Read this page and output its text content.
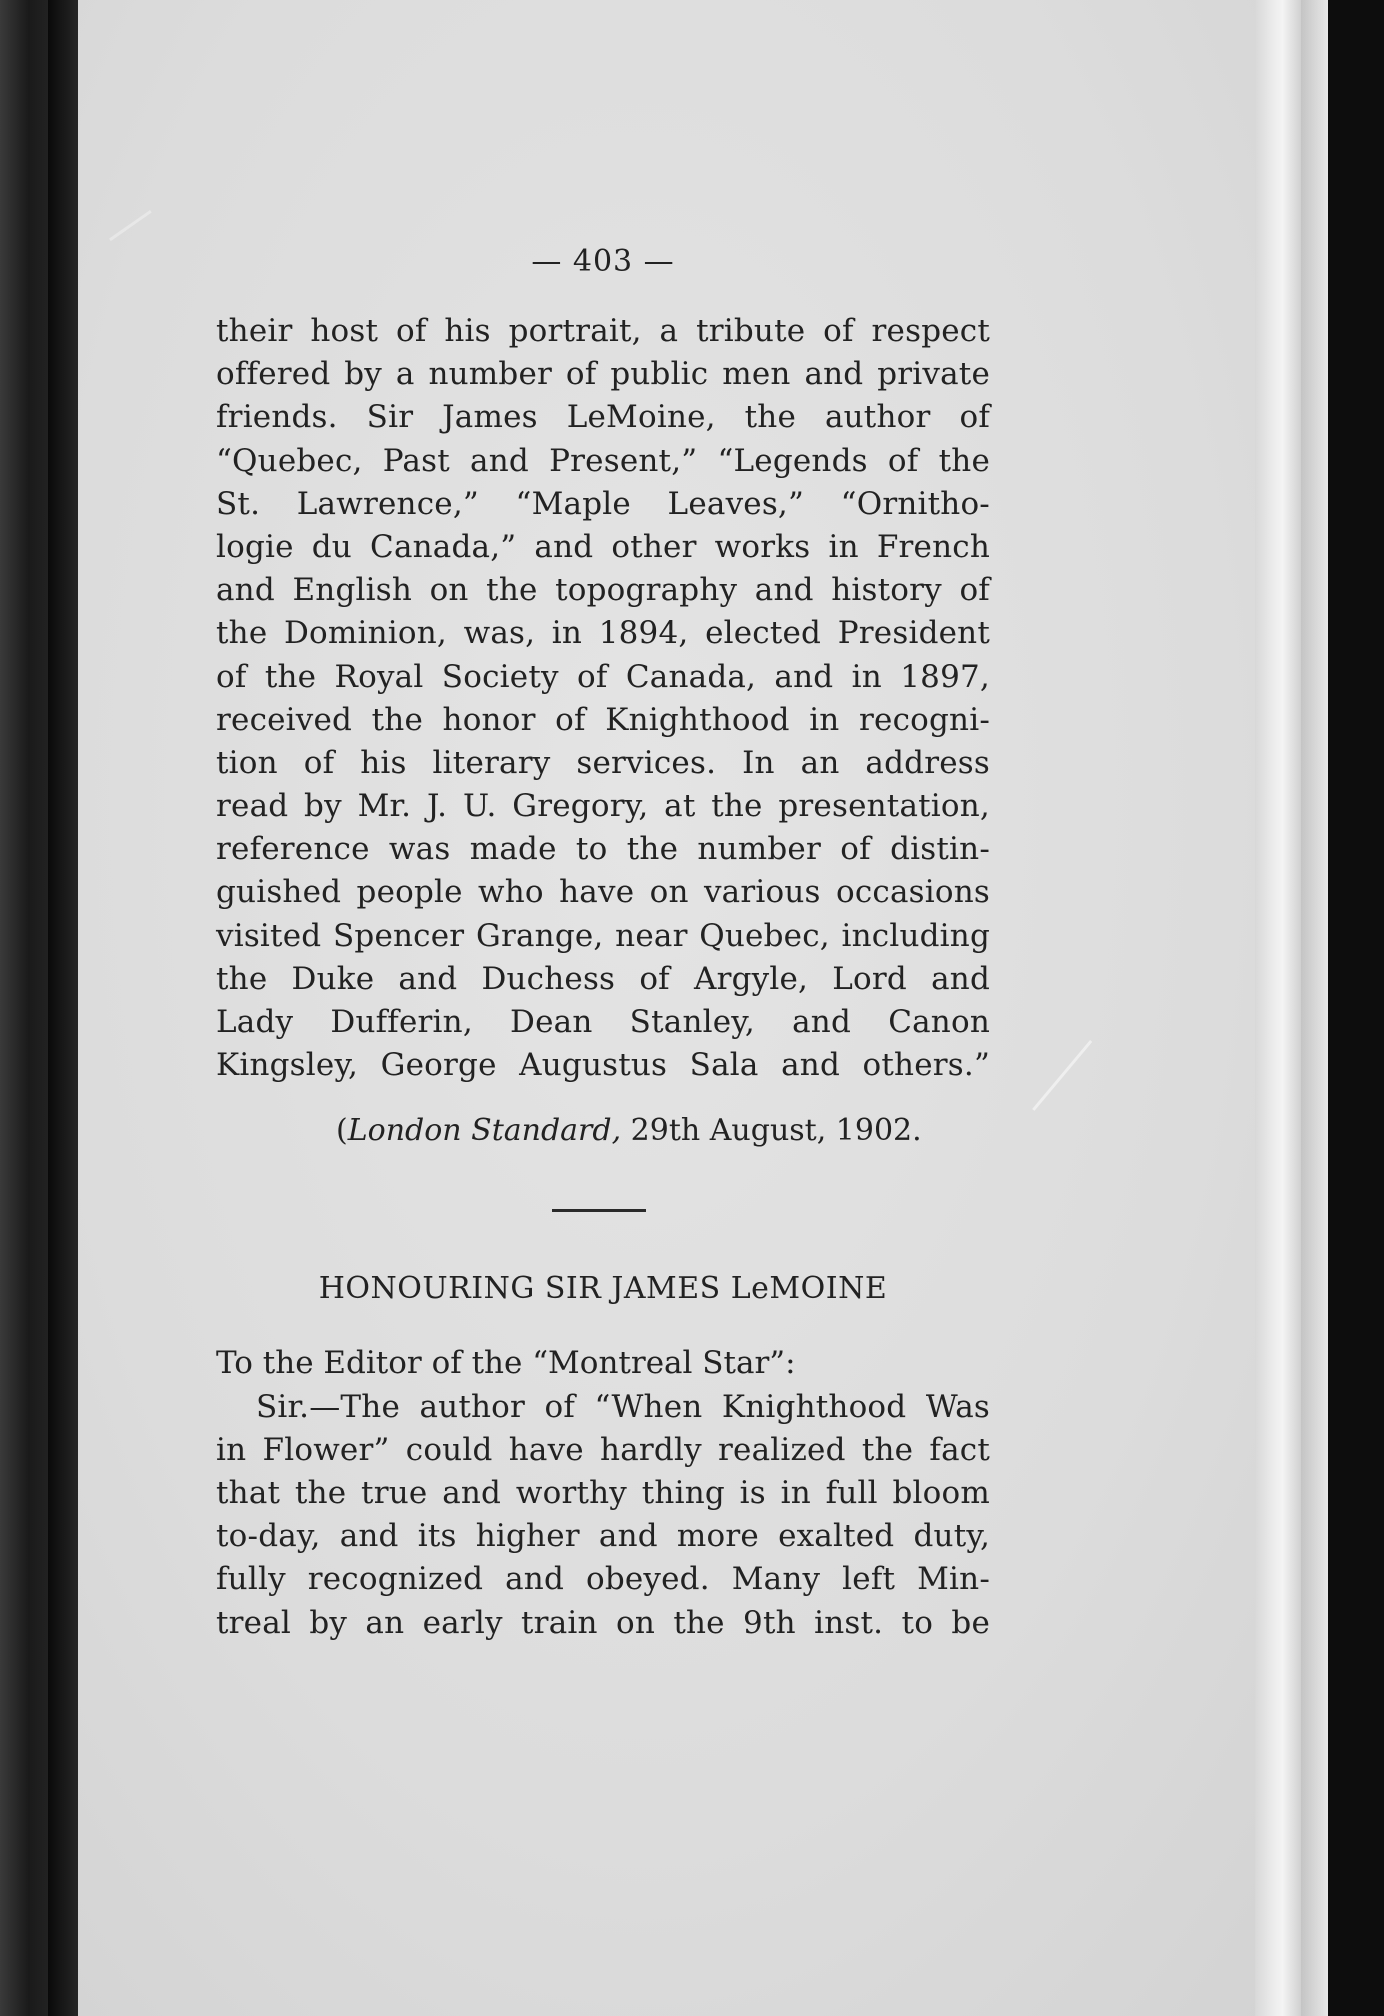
— 403 —
their host of his portrait, a tribute of respect
offered by a number of public men and private
friends. Sir James LeMoine, the author of
“Quebec, Past and Present,” “Legends of the
St. Lawrence,” “Maple Leaves,” “Ornitho-
logie du Canada,” and other works in French
and English on the topography and history of
the Dominion, was, in 1894, elected President
of the Royal Society of Canada, and in 1897,
received the honor of Knighthood in recogni-
tion of his literary services. In an address
read by Mr. J. U. Gregory, at the presentation,
reference was made to the number of distin-
guished people who have on various occasions
visited Spencer Grange, near Quebec, including
the Duke and Duchess of Argyle, Lord and
Lady Dufferin, Dean Stanley, and Canon
Kingsley, George Augustus Sala and others.”
(London Standard, 29th August, 1902.
HONOURING SIR JAMES LeMOINE
To the Editor of the “Montreal Star”:
Sir.—The author of “When Knighthood Was
in Flower” could have hardly realized the fact
that the true and worthy thing is in full bloom
to-day, and its higher and more exalted duty,
fully recognized and obeyed. Many left Min-
treal by an early train on the 9th inst. to be
